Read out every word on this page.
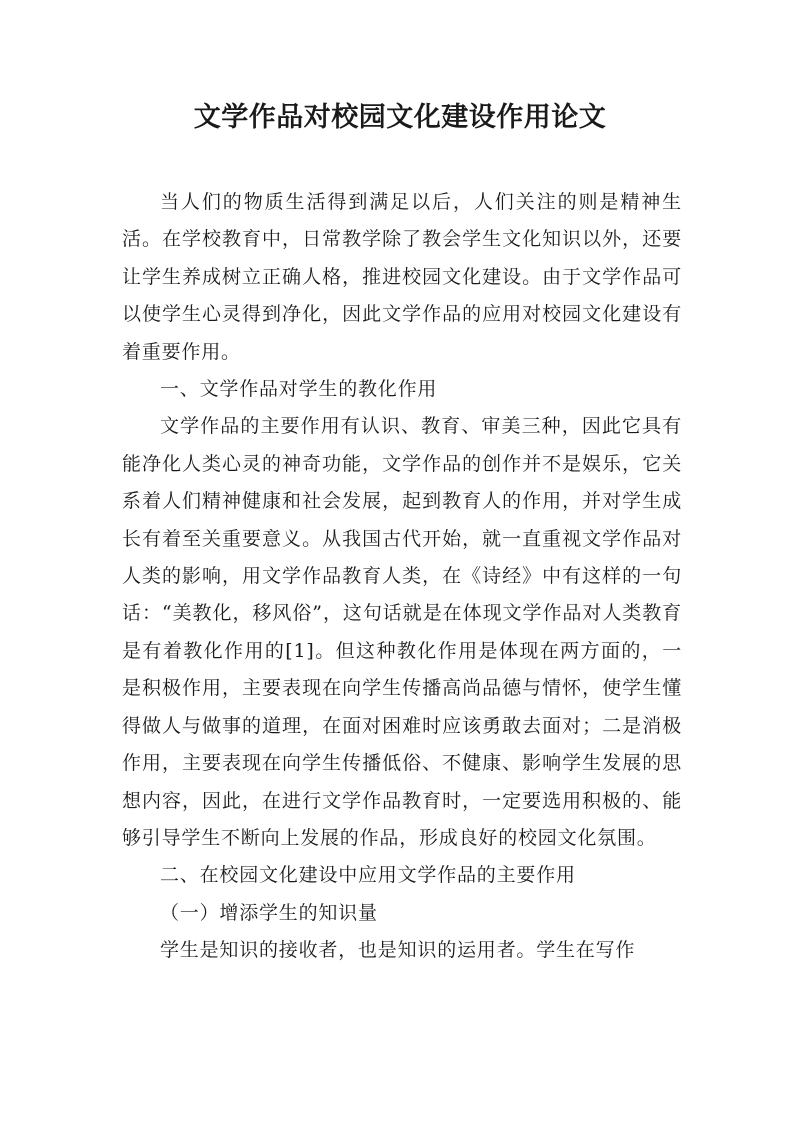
文学作品对校园文化建设作用论文

当人们的物质生活得到满足以后，人们关注的则是精神生活。在学校教育中，日常教学除了教会学生文化知识以外，还要让学生养成树立正确人格，推进校园文化建设。由于文学作品可以使学生心灵得到净化，因此文学作品的应用对校园文化建设有着重要作用。

一、文学作品对学生的教化作用

文学作品的主要作用有认识、教育、审美三种，因此它具有能净化人类心灵的神奇功能，文学作品的创作并不是娱乐，它关系着人们精神健康和社会发展，起到教育人的作用，并对学生成长有着至关重要意义。从我国古代开始，就一直重视文学作品对人类的影响，用文学作品教育人类，在《诗经》中有这样的一句话：“美教化，移风俗”，这句话就是在体现文学作品对人类教育是有着教化作用的[1]。但这种教化作用是体现在两方面的，一是积极作用，主要表现在向学生传播高尚品德与情怀，使学生懂得做人与做事的道理，在面对困难时应该勇敢去面对；二是消极作用，主要表现在向学生传播低俗、不健康、影响学生发展的思想内容，因此，在进行文学作品教育时，一定要选用积极的、能够引导学生不断向上发展的作品，形成良好的校园文化氛围。

二、在校园文化建设中应用文学作品的主要作用

（一）增添学生的知识量

学生是知识的接收者，也是知识的运用者。学生在写作
